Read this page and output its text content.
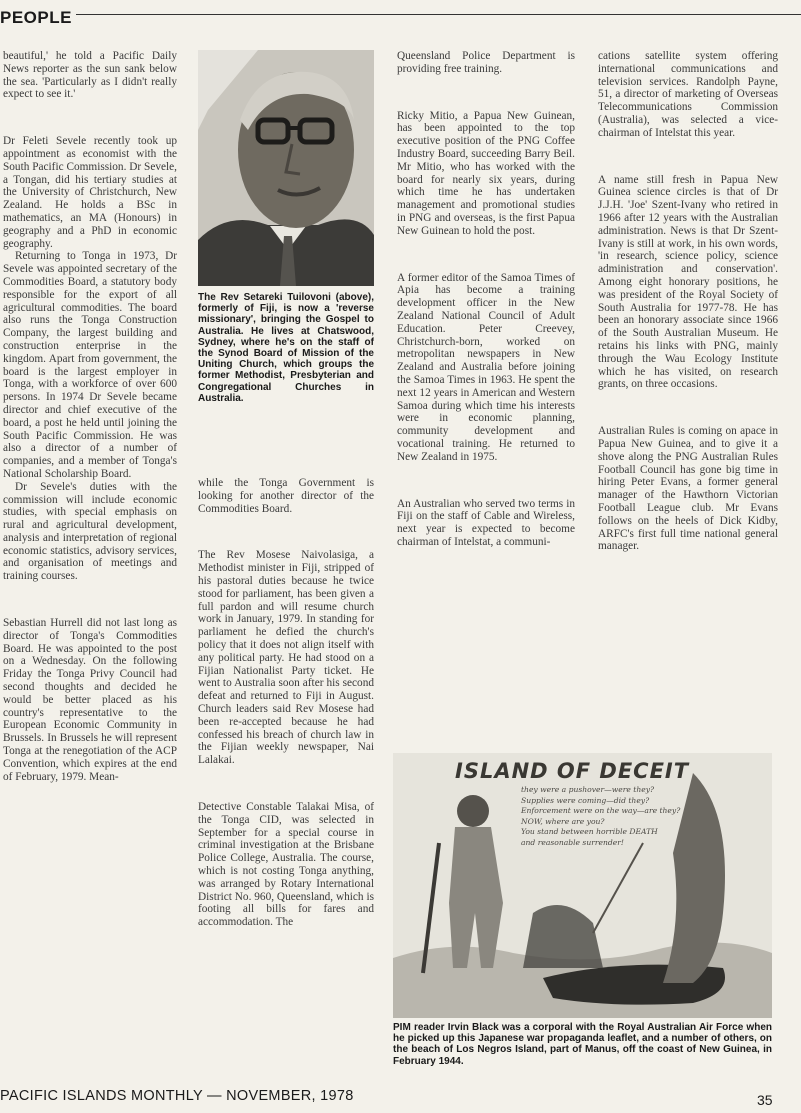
PEOPLE

beautiful,' he told a Pacific Daily News reporter as the sun sank below the sea. 'Particularly as I didn't really expect to see it.'

Dr Feleti Sevele recently took up appointment as economist with the South Pacific Commission. Dr Sevele, a Tongan, did his tertiary studies at the University of Christchurch, New Zealand. He holds a BSc in mathematics, an MA (Honours) in geography and a PhD in economic geography.

Returning to Tonga in 1973, Dr Sevele was appointed secretary of the Commodities Board, a statutory body responsible for the export of all agricultural commodities. The board also runs the Tonga Construction Company, the largest building and construction enterprise in the kingdom. Apart from government, the board is the largest employer in Tonga, with a workforce of over 600 persons. In 1974 Dr Sevele became director and chief executive of the board, a post he held until joining the South Pacific Commission. He was also a director of a number of companies, and a member of Tonga's National Scholarship Board.

Dr Sevele's duties with the commission will include economic studies, with special emphasis on rural and agricultural development, analysis and interpretation of regional economic statistics, advisory services, and organisation of meetings and training courses.

Sebastian Hurrell did not last long as director of Tonga's Commodities Board. He was appointed to the post on a Wednesday. On the following Friday the Tonga Privy Council had second thoughts and decided he would be better placed as his country's representative to the European Economic Community in Brussels. In Brussels he will represent Tonga at the renegotiation of the ACP Convention, which expires at the end of February, 1979. Mean-

The Rev Setareki Tuilovoni (above), formerly of Fiji, is now a 'reverse missionary', bringing the Gospel to Australia. He lives at Chatswood, Sydney, where he's on the staff of the Synod Board of Mission of the Uniting Church, which groups the former Methodist, Presbyterian and Congregational Churches in Australia.

while the Tonga Government is looking for another director of the Commodities Board.

The Rev Mosese Naivolasiga, a Methodist minister in Fiji, stripped of his pastoral duties because he twice stood for parliament, has been given a full pardon and will resume church work in January, 1979. In standing for parliament he defied the church's policy that it does not align itself with any political party. He had stood on a Fijian Nationalist Party ticket. He went to Australia soon after his second defeat and returned to Fiji in August. Church leaders said Rev Mosese had been re-accepted because he had confessed his breach of church law in the Fijian weekly newspaper, Nai Lalakai.

Detective Constable Talakai Misa, of the Tonga CID, was selected in September for a special course in criminal investigation at the Brisbane Police College, Australia. The course, which is not costing Tonga anything, was arranged by Rotary International District No. 960, Queensland, which is footing all bills for fares and accommodation. The

Queensland Police Department is providing free training.

Ricky Mitio, a Papua New Guinean, has been appointed to the top executive position of the PNG Coffee Industry Board, succeeding Barry Beil. Mr Mitio, who has worked with the board for nearly six years, during which time he has undertaken management and promotional studies in PNG and overseas, is the first Papua New Guinean to hold the post.

A former editor of the Samoa Times of Apia has become a training development officer in the New Zealand National Council of Adult Education. Peter Creevey, Christchurch-born, worked on metropolitan newspapers in New Zealand and Australia before joining the Samoa Times in 1963. He spent the next 12 years in American and Western Samoa during which time his interests were in economic planning, community development and vocational training. He returned to New Zealand in 1975.

An Australian who served two terms in Fiji on the staff of Cable and Wireless, next year is expected to become chairman of Intelstat, a communi-

cations satellite system offering international communications and television services. Randolph Payne, 51, a director of marketing of Overseas Telecommunications Commission (Australia), was selected a vice-chairman of Intelstat this year.

A name still fresh in Papua New Guinea science circles is that of Dr J.J.H. 'Joe' Szent-Ivany who retired in 1966 after 12 years with the Australian administration. News is that Dr Szent-Ivany is still at work, in his own words, 'in research, science policy, science administration and conservation'. Among eight honorary positions, he was president of the Royal Society of South Australia for 1977-78. He has been an honorary associate since 1966 of the South Australian Museum. He retains his links with PNG, mainly through the Wau Ecology Institute which he has visited, on research grants, on three occasions.

Australian Rules is coming on apace in Papua New Guinea, and to give it a shove along the PNG Australian Rules Football Council has gone big time in hiring Peter Evans, a former general manager of the Hawthorn Victorian Football League club. Mr Evans follows on the heels of Dick Kidby, ARFC's first full time national general manager.

ISLAND OF DECEIT
they were a pushover—were they?
Supplies were coming—did they?
Enforcement were on the way—are they?
NOW, where are you?
You stand between horrible DEATH
and reasonable surrender!
PIM reader Irvin Black was a corporal with the Royal Australian Air Force when he picked up this Japanese war propaganda leaflet, and a number of others, on the beach of Los Negros Island, part of Manus, off the coast of New Guinea, in February 1944.
PACIFIC ISLANDS MONTHLY — NOVEMBER, 1978	35
